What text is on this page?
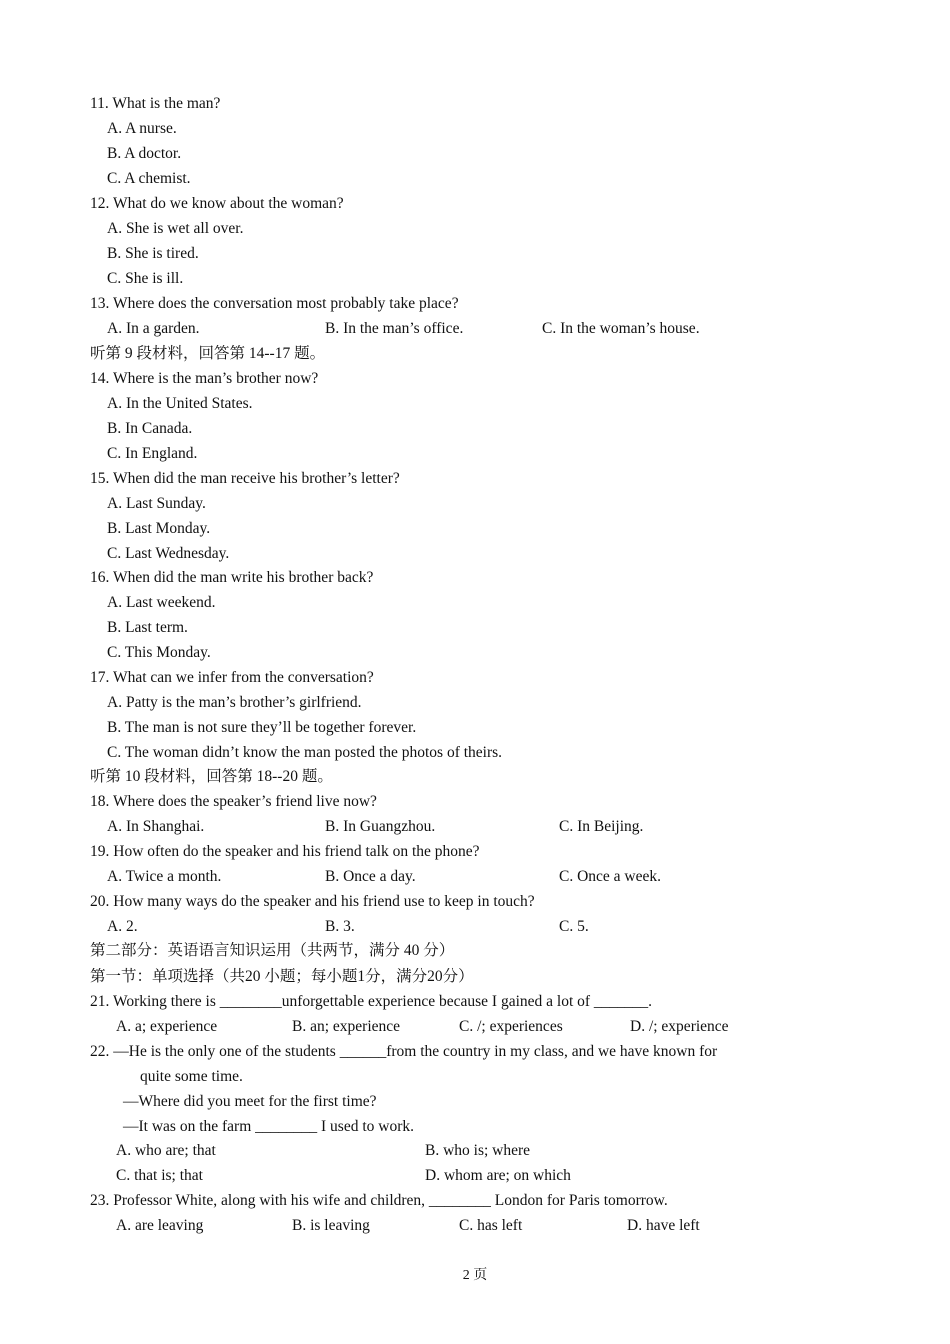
11. What is the man?
A. A nurse.
B. A doctor.
C. A chemist.
12. What do we know about the woman?
A. She is wet all over.
B. She is tired.
C. She is ill.
13. Where does the conversation most probably take place?
A. In a garden.	B. In the man’s office.	C. In the woman’s house.
听第 9 段材料，回答第 14--17 题。
14. Where is the man’s brother now?
A. In the United States.
B. In Canada.
C. In England.
15. When did the man receive his brother’s letter?
A. Last Sunday.
B. Last Monday.
C. Last Wednesday.
16. When did the man write his brother back?
A. Last weekend.
B. Last term.
C. This Monday.
17. What can we infer from the conversation?
A. Patty is the man’s brother’s girlfriend.
B. The man is not sure they’ll be together forever.
C. The woman didn’t know the man posted the photos of theirs.
听第 10 段材料，回答第 18--20 题。
18. Where does the speaker’s friend live now?
A. In Shanghai.	B. In Guangzhou.	C. In Beijing.
19. How often do the speaker and his friend talk on the phone?
A. Twice a month.	B. Once a day.	C. Once a week.
20. How many ways do the speaker and his friend use to keep in touch?
A. 2.	B. 3.	C. 5.
第二部分：英语语言知识运用（共两节，满分 40 分）
第一节：单项选择（共20 小题；每小题1分，满分20分）
21. Working there is ________unforgettable experience because I gained a lot of _______.
A. a; experience	B. an; experience	C. /; experiences	D. /; experience
22. —He is the only one of the students ______from the country in my class, and we have known for
quite some time.
—Where did you meet for the first time?
—It was on the farm ________ I used to work.
A. who are; that	B. who is; where
C. that is; that	D. whom are; on which
23. Professor White, along with his wife and children, ________ London for Paris tomorrow.
A. are leaving	B. is leaving	C. has left	D. have left
2 页
